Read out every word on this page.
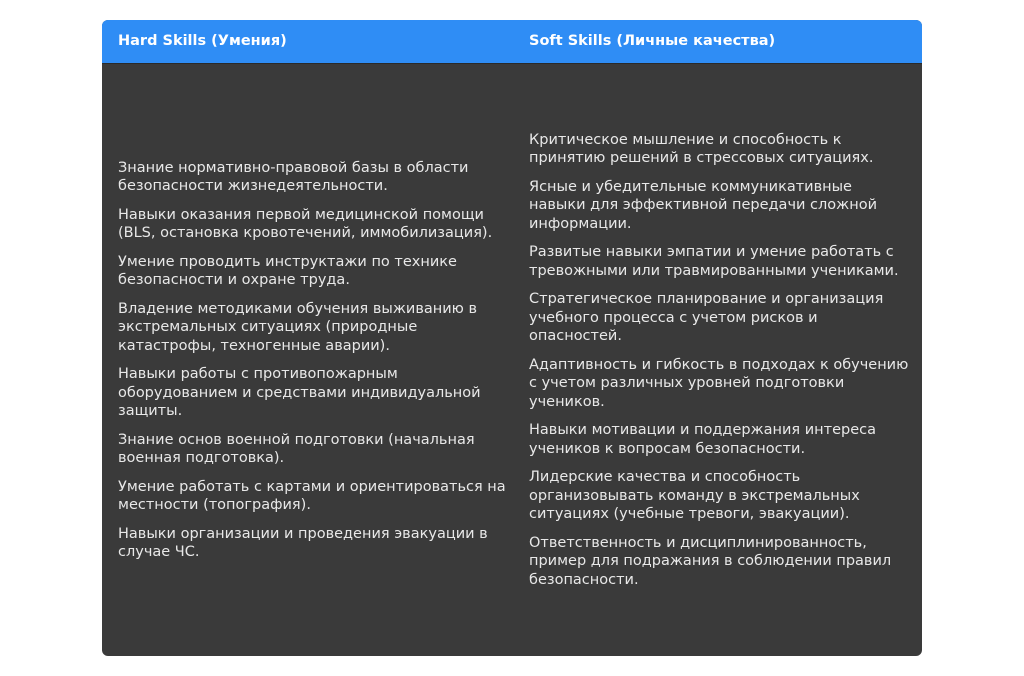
Hard Skills (Умения)	Soft Skills (Личные качества)
Знание нормативно-правовой базы в области безопасности жизнедеятельности.
Навыки оказания первой медицинской помощи (BLS, остановка кровотечений, иммобилизация).
Умение проводить инструктажи по технике безопасности и охране труда.
Владение методиками обучения выживанию в экстремальных ситуациях (природные катастрофы, техногенные аварии).
Навыки работы с противопожарным оборудованием и средствами индивидуальной защиты.
Знание основ военной подготовки (начальная военная подготовка).
Умение работать с картами и ориентироваться на местности (топография).
Навыки организации и проведения эвакуации в случае ЧС.
Критическое мышление и способность к принятию решений в стрессовых ситуациях.
Ясные и убедительные коммуникативные навыки для эффективной передачи сложной информации.
Развитые навыки эмпатии и умение работать с тревожными или травмированными учениками.
Стратегическое планирование и организация учебного процесса с учетом рисков и опасностей.
Адаптивность и гибкость в подходах к обучению с учетом различных уровней подготовки учеников.
Навыки мотивации и поддержания интереса учеников к вопросам безопасности.
Лидерские качества и способность организовывать команду в экстремальных ситуациях (учебные тревоги, эвакуации).
Ответственность и дисциплинированность, пример для подражания в соблюдении правил безопасности.
